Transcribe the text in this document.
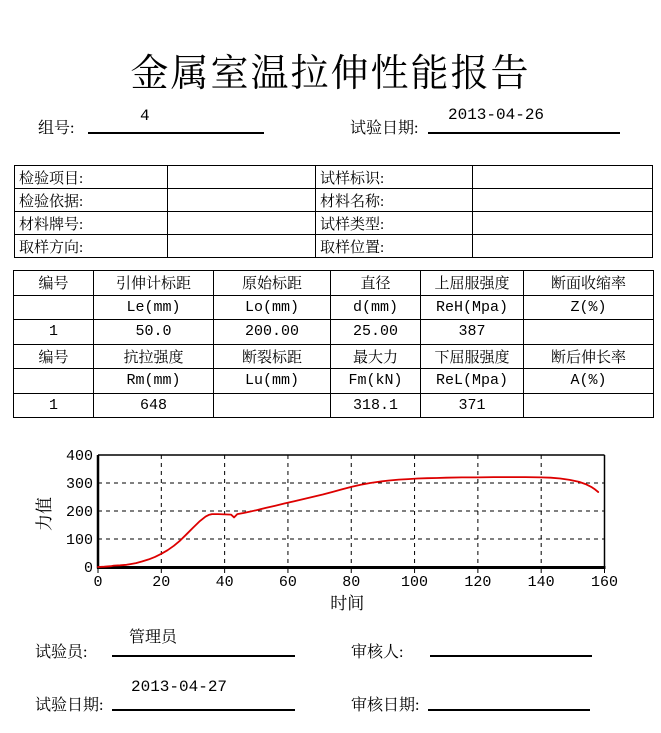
金属室温拉伸性能报告
组号:
4
试验日期:
2013-04-26
检验项目:		试样标识:	
检验依据:		材料名称:	
材料牌号:		试样类型:	
取样方向:		取样位置:	
编号	引伸计标距	原始标距	直径	上屈服强度	断面收缩率
	Le(mm)	Lo(mm)	d(mm)	ReH(Mpa)	Z(%)
1	50.0	200.00	25.00	387	
编号	抗拉强度	断裂标距	最大力	下屈服强度	断后伸长率
	Rm(mm)	Lu(mm)	Fm(kN)	ReL(Mpa)	A(%)
1	648		318.1	371	
0	20	40	60	80	100 120 140 160
0
100
200
300
400
时间
力值
试验员:
管理员
审核人:
试验日期:
2013-04-27
审核日期:
